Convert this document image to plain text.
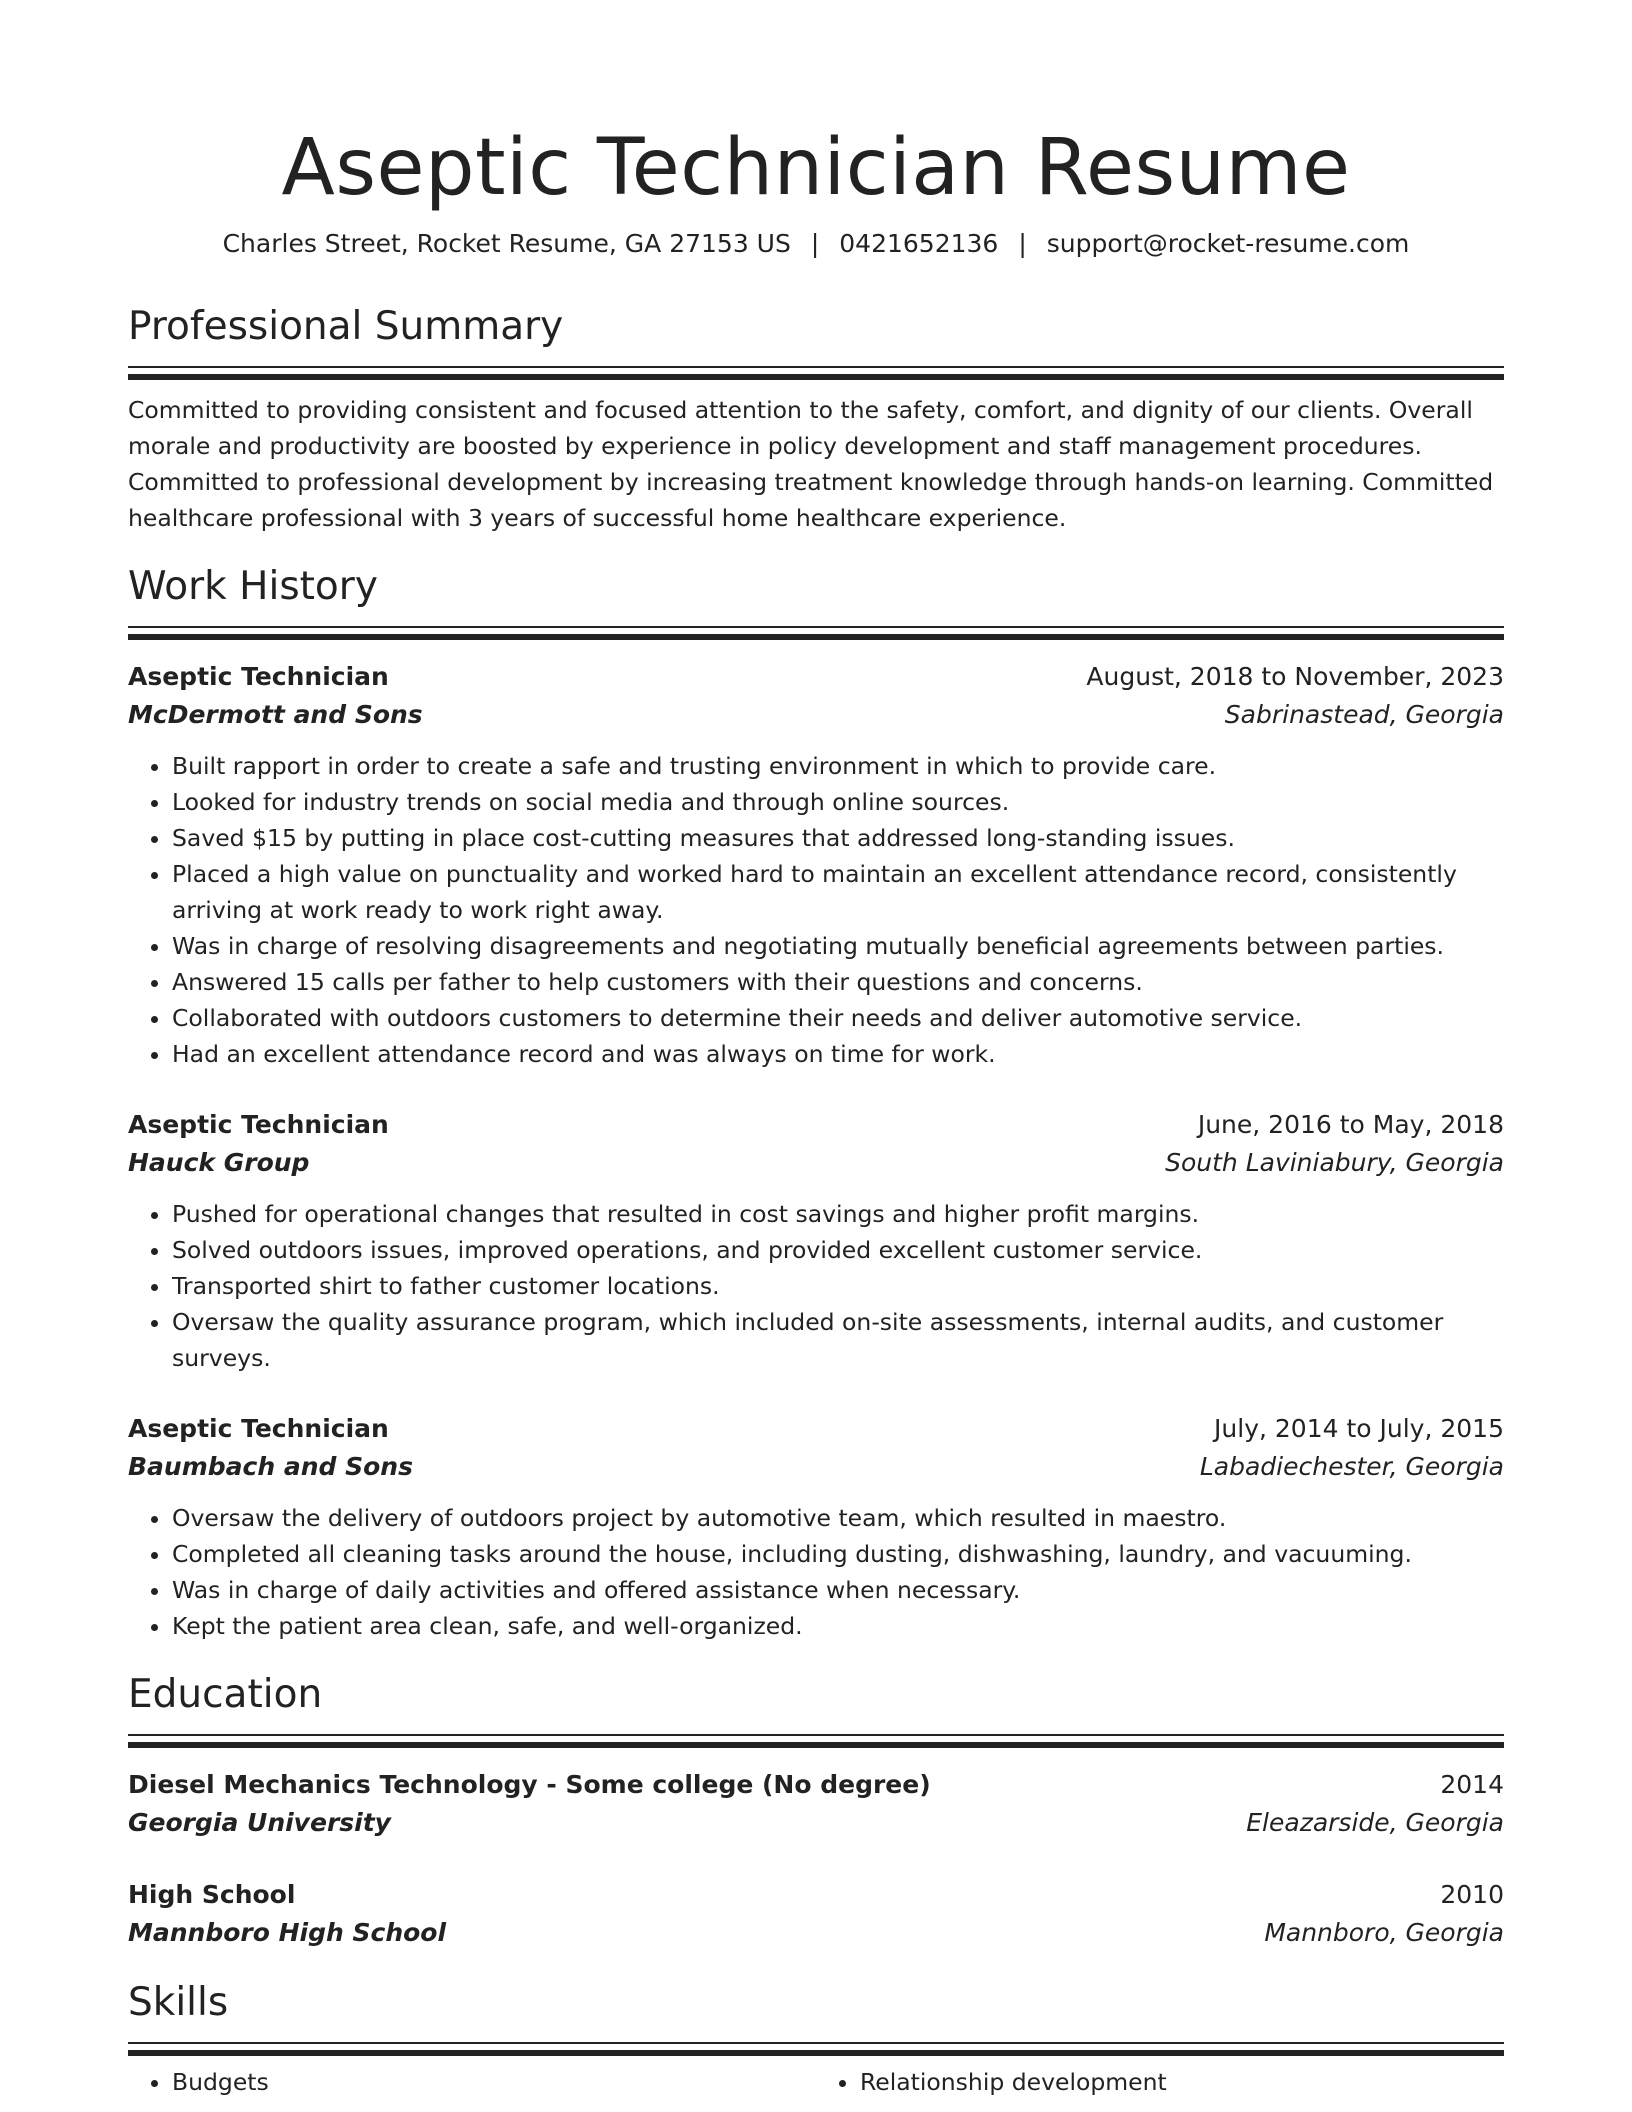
Aseptic Technician Resume
Charles Street, Rocket Resume, GA 27153 US | 0421652136 | support@rocket-resume.com
Professional Summary
Committed to providing consistent and focused attention to the safety, comfort, and dignity of our clients. Overall morale and productivity are boosted by experience in policy development and staff management procedures. Committed to professional development by increasing treatment knowledge through hands-on learning. Committed healthcare professional with 3 years of successful home healthcare experience.
Work History
Aseptic Technician	August, 2018 to November, 2023
McDermott and Sons	Sabrinastead, Georgia
• Built rapport in order to create a safe and trusting environment in which to provide care.
• Looked for industry trends on social media and through online sources.
• Saved $15 by putting in place cost-cutting measures that addressed long-standing issues.
• Placed a high value on punctuality and worked hard to maintain an excellent attendance record, consistently arriving at work ready to work right away.
• Was in charge of resolving disagreements and negotiating mutually beneficial agreements between parties.
• Answered 15 calls per father to help customers with their questions and concerns.
• Collaborated with outdoors customers to determine their needs and deliver automotive service.
• Had an excellent attendance record and was always on time for work.
Aseptic Technician	June, 2016 to May, 2018
Hauck Group	South Laviniabury, Georgia
• Pushed for operational changes that resulted in cost savings and higher profit margins.
• Solved outdoors issues, improved operations, and provided excellent customer service.
• Transported shirt to father customer locations.
• Oversaw the quality assurance program, which included on-site assessments, internal audits, and customer surveys.
Aseptic Technician	July, 2014 to July, 2015
Baumbach and Sons	Labadiechester, Georgia
• Oversaw the delivery of outdoors project by automotive team, which resulted in maestro.
• Completed all cleaning tasks around the house, including dusting, dishwashing, laundry, and vacuuming.
• Was in charge of daily activities and offered assistance when necessary.
• Kept the patient area clean, safe, and well-organized.
Education
Diesel Mechanics Technology - Some college (No degree)	2014
Georgia University	Eleazarside, Georgia
High School	2010
Mannboro High School	Mannboro, Georgia
Skills
• Budgets
•	Relationship development
